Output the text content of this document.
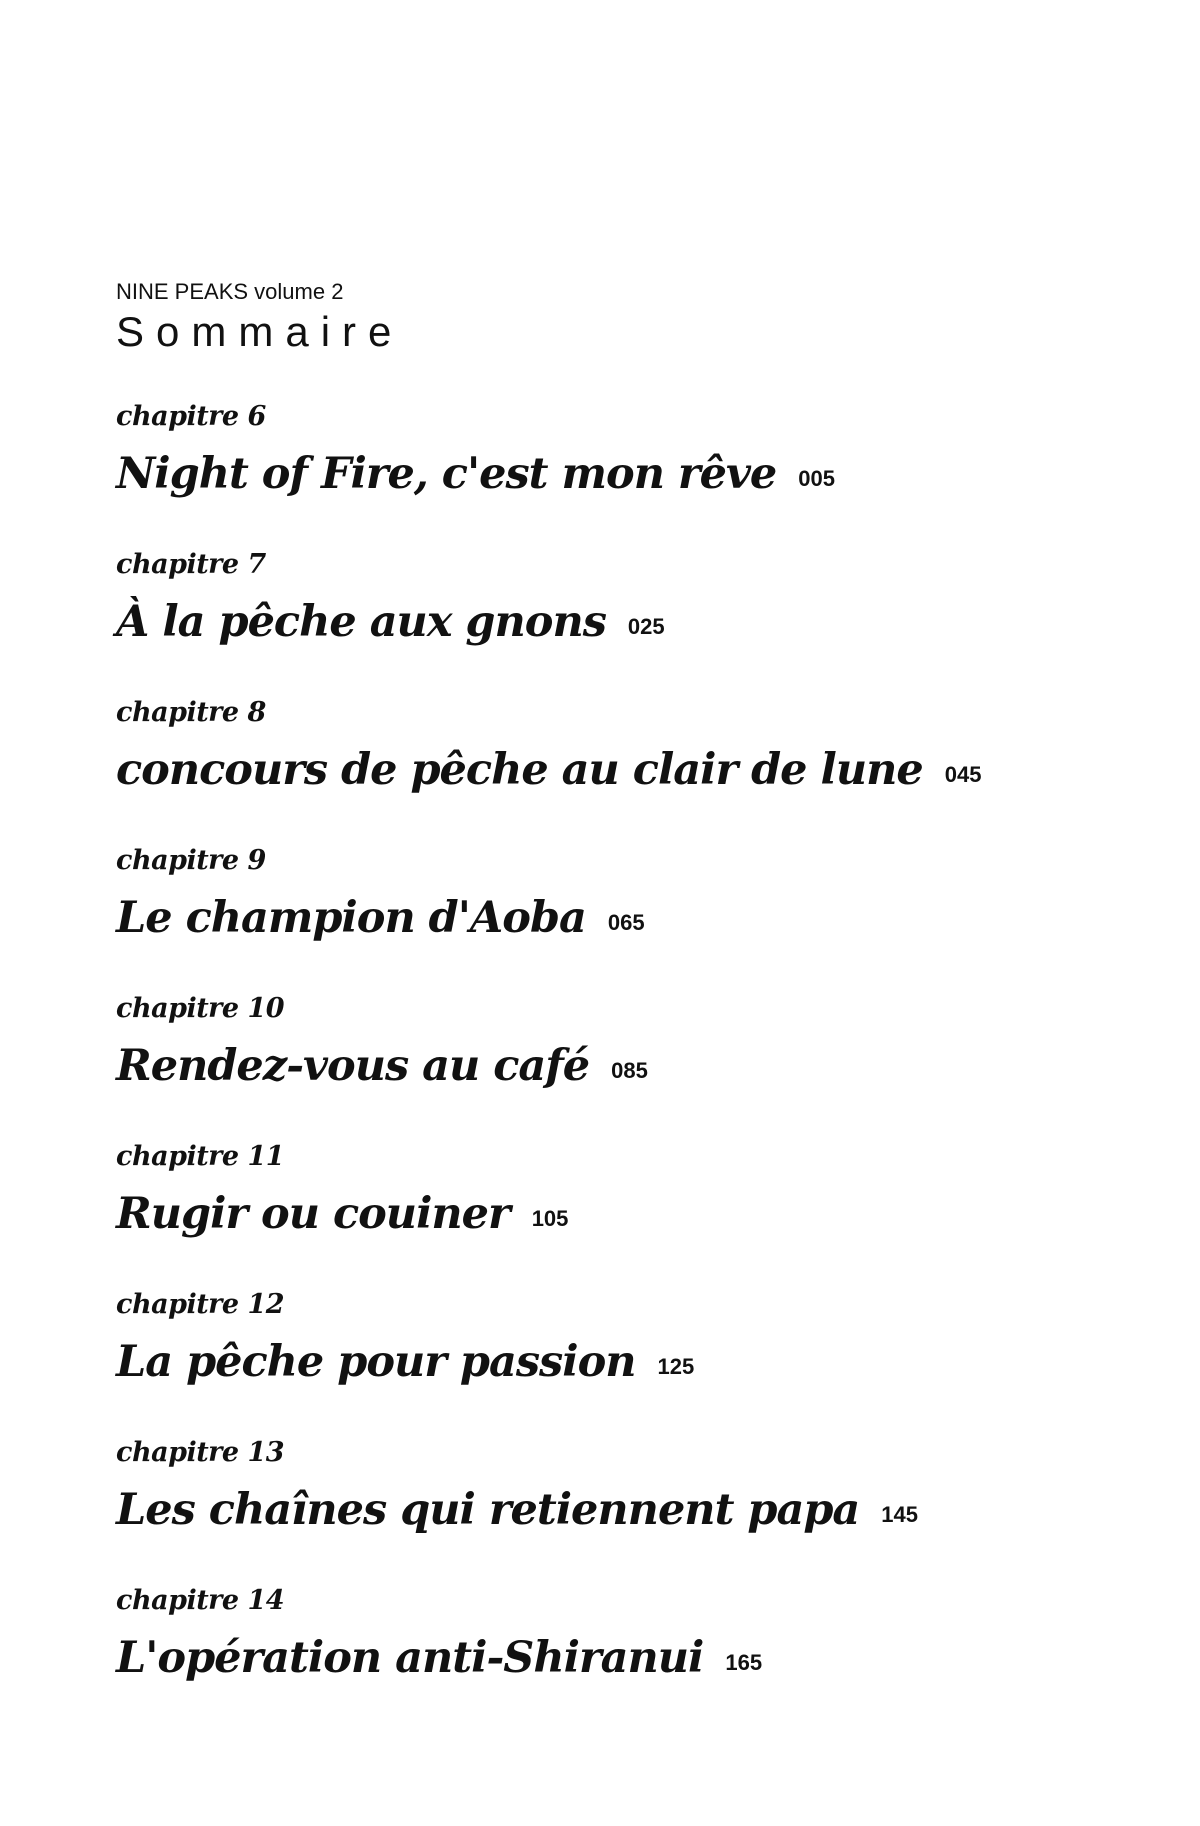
NINE PEAKS volume 2

Sommaire
chapitre 6
Night of Fire, c'est mon rêve 005
chapitre 7
À la pêche aux gnons 025
chapitre 8
concours de pêche au clair de lune 045
chapitre 9
Le champion d'Aoba 065
chapitre 10
Rendez-vous au café 085
chapitre 11
Rugir ou couiner 105
chapitre 12
La pêche pour passion 125
chapitre 13
Les chaînes qui retiennent papa 145
chapitre 14
L'opération anti-Shiranui 165
